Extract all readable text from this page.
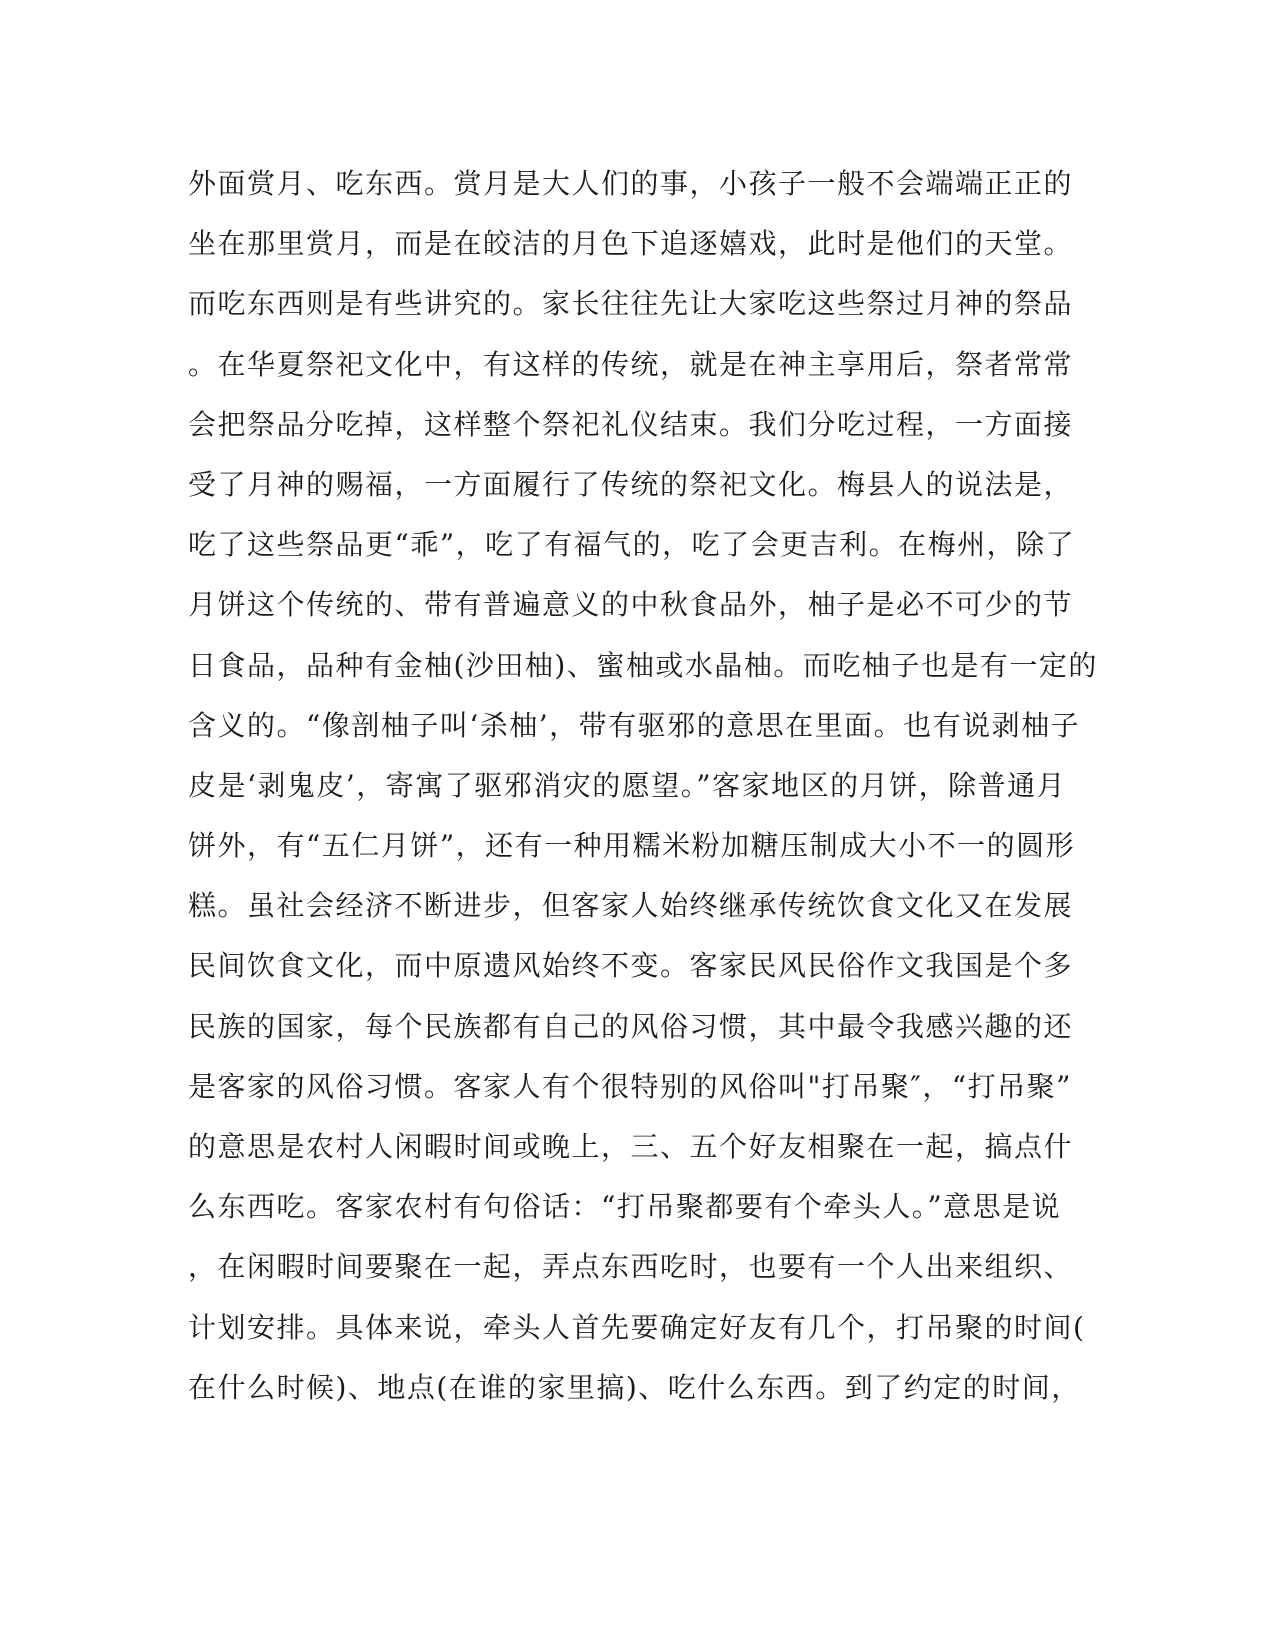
外面赏月、吃东西。赏月是大人们的事，小孩子一般不会端端正正的
坐在那里赏月，而是在皎洁的月色下追逐嬉戏，此时是他们的天堂。
而吃东西则是有些讲究的。家长往往先让大家吃这些祭过月神的祭品
。在华夏祭祀文化中，有这样的传统，就是在神主享用后，祭者常常
会把祭品分吃掉，这样整个祭祀礼仪结束。我们分吃过程，一方面接
受了月神的赐福，一方面履行了传统的祭祀文化。梅县人的说法是，
吃了这些祭品更“乖”，吃了有福气的，吃了会更吉利。在梅州，除了
月饼这个传统的、带有普遍意义的中秋食品外，柚子是必不可少的节
日食品，品种有金柚(沙田柚)、蜜柚或水晶柚。而吃柚子也是有一定的
含义的。“像剖柚子叫‘杀柚’，带有驱邪的意思在里面。也有说剥柚子
皮是‘剥鬼皮’，寄寓了驱邪消灾的愿望。”客家地区的月饼，除普通月
饼外，有“五仁月饼”，还有一种用糯米粉加糖压制成大小不一的圆形
糕。虽社会经济不断进步，但客家人始终继承传统饮食文化又在发展
民间饮食文化，而中原遗风始终不变。客家民风民俗作文我国是个多
民族的国家，每个民族都有自己的风俗习惯，其中最令我感兴趣的还
是客家的风俗习惯。客家人有个很特别的风俗叫"打吊聚″，“打吊聚”
的意思是农村人闲暇时间或晚上，三、五个好友相聚在一起，搞点什
么东西吃。客家农村有句俗话：“打吊聚都要有个牵头人。”意思是说
，在闲暇时间要聚在一起，弄点东西吃时，也要有一个人出来组织、
计划安排。具体来说，牵头人首先要确定好友有几个，打吊聚的时间(
在什么时候)、地点(在谁的家里搞)、吃什么东西。到了约定的时间，
